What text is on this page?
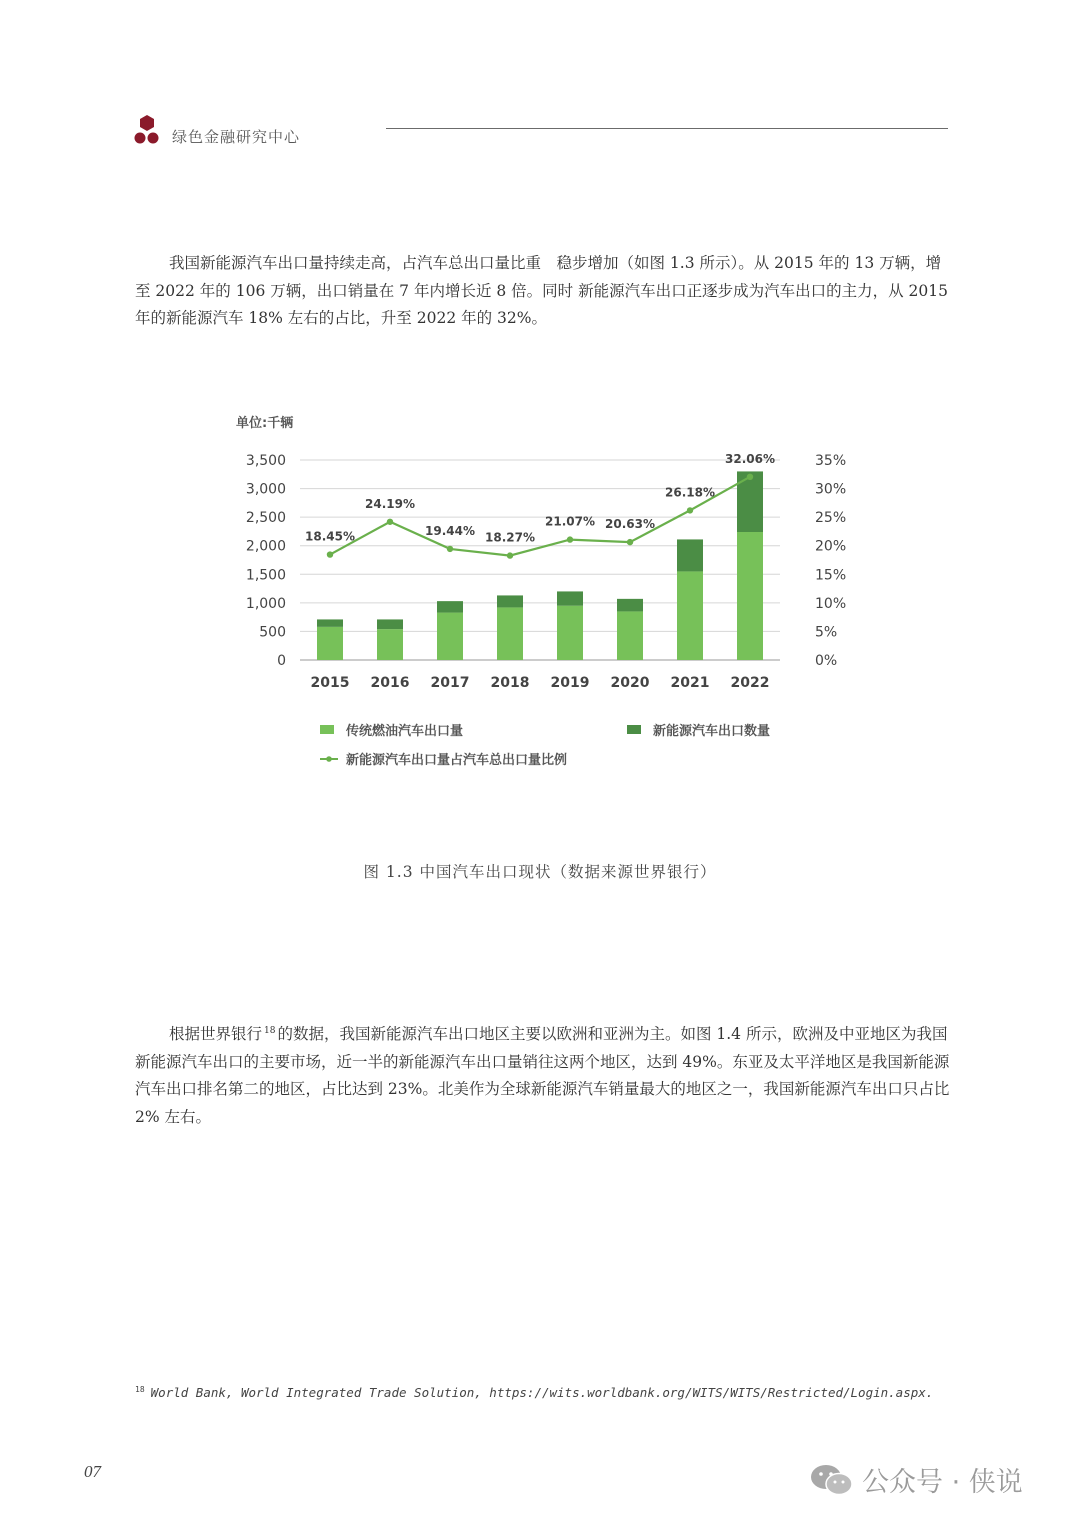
绿色金融研究中心

我国新能源汽车出口量持续走高，占汽车总出口量比重　稳步增加（如图 1.3 所示）。从 2015 年的 13 万辆，增至 2022 年的 106 万辆，出口销量在 7 年内增长近 8 倍。同时 新能源汽车出口正逐步成为汽车出口的主力，从 2015 年的新能源汽车 18% 左右的占比，升至 2022 年的 32%。

单位:千辆
3,500
3,000
2,500
2,000
1,500
1,000
500
0
35%
30%
25%
20%
15%
10%
5%
0%
18.45%
24.19%
19.44% 18.27%
21.07% 20.63%
26.18%
32.06%
2015 2016 2017 2018 2019 2020 2021 2022
传统燃油汽车出口量	新能源汽车出口数量
新能源汽车出口量占汽车总出口量比例
图 1.3 中国汽车出口现状（数据来源世界银行）

根据世界银行 $^{18}$ 的数据，我国新能源汽车出口地区主要以欧洲和亚洲为主。如图 1.4 所示，欧洲及中亚地区为我国新能源汽车出口的主要市场，近一半的新能源汽车出口量销往这两个地区，达到 49%。东亚及太平洋地区是我国新能源汽车出口排名第二的地区，占比达到 23%。北美作为全球新能源汽车销量最大的地区之一，我国新能源汽车出口只占比 2% 左右。

$^{18}$ World Bank, World Integrated Trade Solution, https://wits.worldbank.org/WITS/WITS/Restricted/Login.aspx.
07	公众号 · 侠说
